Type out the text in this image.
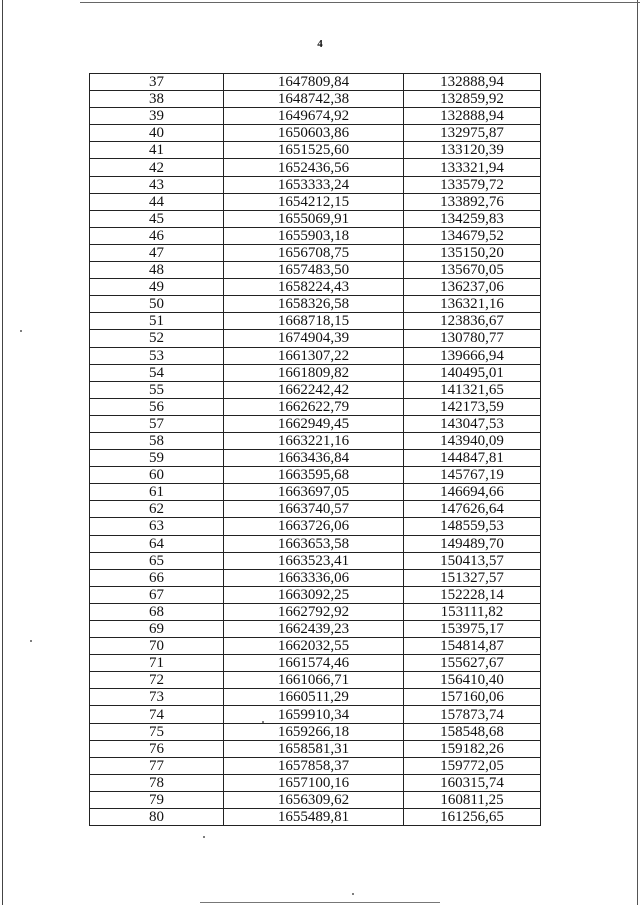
4
37	1647809,84	132888,94
38	1648742,38	132859,92
39	1649674,92	132888,94
40	1650603,86	132975,87
41	1651525,60	133120,39
42	1652436,56	133321,94
43	1653333,24	133579,72
44	1654212,15	133892,76
45	1655069,91	134259,83
46	1655903,18	134679,52
47	1656708,75	135150,20
48	1657483,50	135670,05
49	1658224,43	136237,06
50	1658326,58	136321,16
51	1668718,15	123836,67
52	1674904,39	130780,77
53	1661307,22	139666,94
54	1661809,82	140495,01
55	1662242,42	141321,65
56	1662622,79	142173,59
57	1662949,45	143047,53
58	1663221,16	143940,09
59	1663436,84	144847,81
60	1663595,68	145767,19
61	1663697,05	146694,66
62	1663740,57	147626,64
63	1663726,06	148559,53
64	1663653,58	149489,70
65	1663523,41	150413,57
66	1663336,06	151327,57
67	1663092,25	152228,14
68	1662792,92	153111,82
69	1662439,23	153975,17
70	1662032,55	154814,87
71	1661574,46	155627,67
72	1661066,71	156410,40
73	1660511,29	157160,06
74	1659910,34	157873,74
75	1659266,18	158548,68
76	1658581,31	159182,26
77	1657858,37	159772,05
78	1657100,16	160315,74
79	1656309,62	160811,25
80	1655489,81	161256,65
